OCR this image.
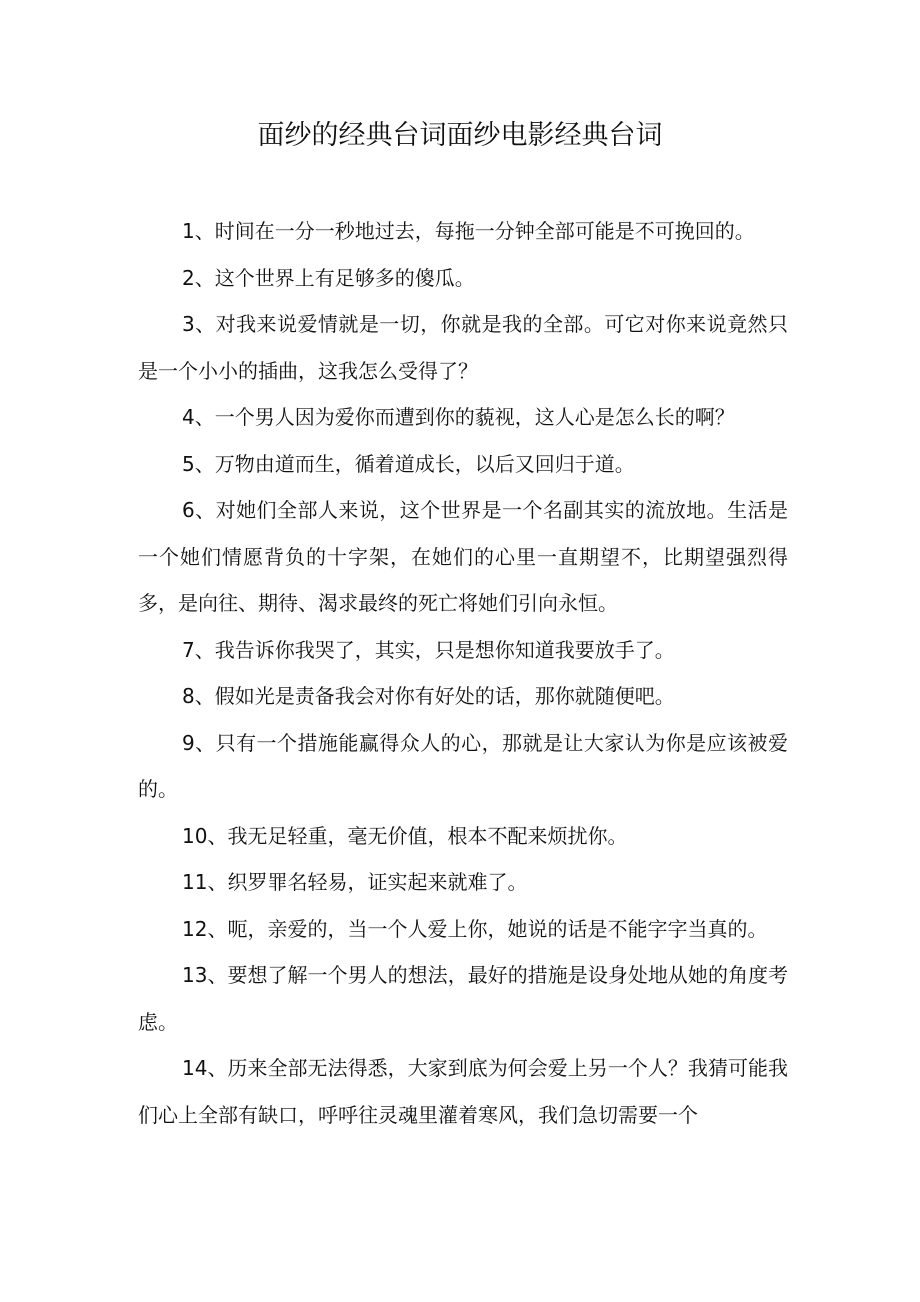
面纱的经典台词面纱电影经典台词

1、时间在一分一秒地过去，每拖一分钟全部可能是不可挽回的。

2、这个世界上有足够多的傻瓜。

3、对我来说爱情就是一切，你就是我的全部。可它对你来说竟然只是一个小小的插曲，这我怎么受得了？

4、一个男人因为爱你而遭到你的藐视，这人心是怎么长的啊？

5、万物由道而生，循着道成长，以后又回归于道。

6、对她们全部人来说，这个世界是一个名副其实的流放地。生活是一个她们情愿背负的十字架，在她们的心里一直期望不，比期望强烈得多，是向往、期待、渴求最终的死亡将她们引向永恒。

7、我告诉你我哭了，其实，只是想你知道我要放手了。

8、假如光是责备我会对你有好处的话，那你就随便吧。

9、只有一个措施能赢得众人的心，那就是让大家认为你是应该被爱的。

10、我无足轻重，毫无价值，根本不配来烦扰你。

11、织罗罪名轻易，证实起来就难了。

12、呃，亲爱的，当一个人爱上你，她说的话是不能字字当真的。

13、要想了解一个男人的想法，最好的措施是设身处地从她的角度考虑。

14、历来全部无法得悉，大家到底为何会爱上另一个人？我猜可能我们心上全部有缺口，呼呼往灵魂里灌着寒风，我们急切需要一个
